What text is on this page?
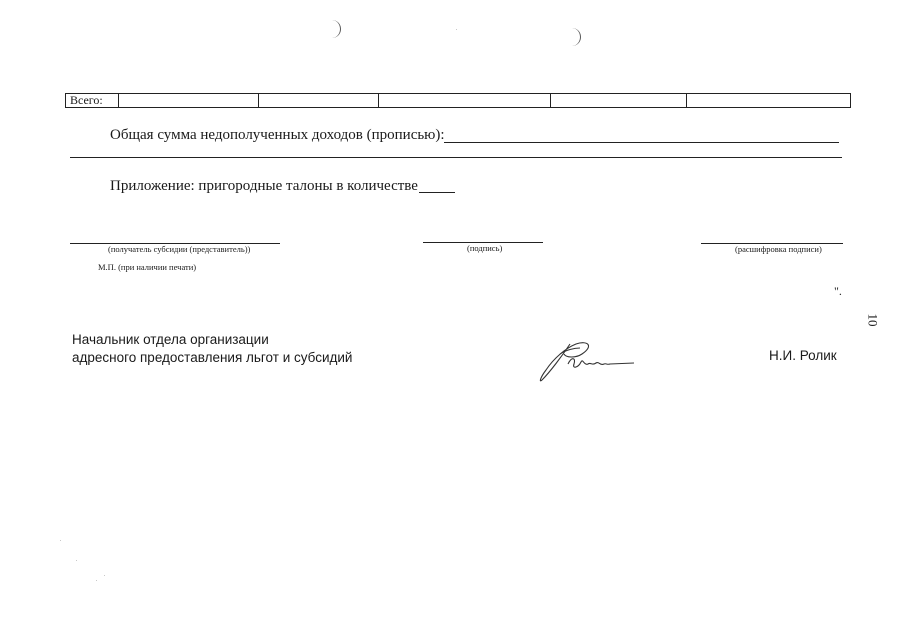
Всего:					
Общая сумма недополученных доходов (прописью):
Приложение: пригородные талоны в количестве
(получатель субсидии (представитель))	(подпись)	(расшифровка подписи)
М.П. (при наличии печати)
".
10
Начальник отдела организации
адресного предоставления льгот и субсидий	Н.И. Ролик
